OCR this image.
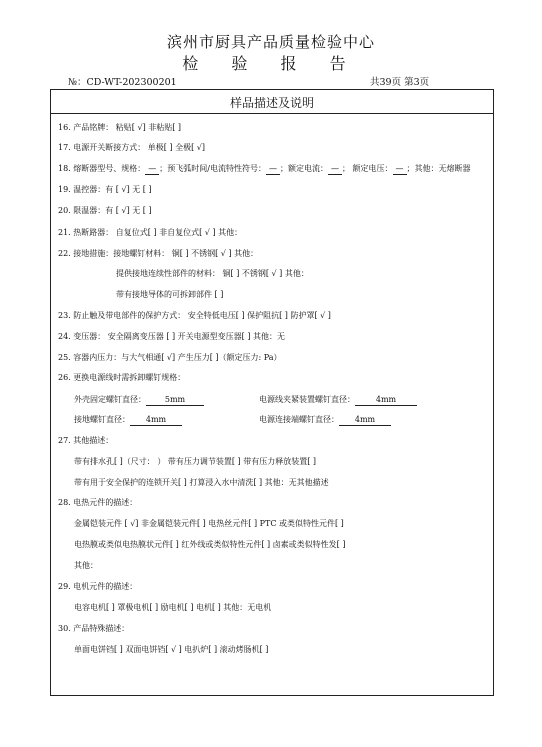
滨州市厨具产品质量检验中心
检 验 报 告
№：CD-WT-202300201	共39页 第3页
样品描述及说明
16. 产品铭牌： 粘贴[ √] 非粘贴[ ]
17. 电源开关断接方式： 单极[ ] 全极[ √]
18. 熔断器型号、规格： — ；预飞弧时间/电流特性符号： — ；额定电流： — ； 额定电压： — ；其他：无熔断器
19. 温控器：有 [ √] 无 [ ]
20. 限温器：有 [ √] 无 [ ]
21. 热断路器： 自复位式[ ] 非自复位式[ √ ] 其他：
22. 接地措施：接地螺钉材料： 铜[ ] 不锈钢[ √ ] 其他：
提供接地连续性部件的材料： 铜[ ] 不锈钢[ √ ] 其他：
带有接地导体的可拆卸部件 [ ]
23. 防止触及带电部件的保护方式： 安全特低电压[ ] 保护阻抗[ ] 防护罩[ √ ]
24. 变压器： 安全隔离变压器 [ ] 开关电源型变压器[ ] 其他：无
25. 容器内压力：与大气相通[ √] 产生压力[ ]（额定压力: Pa）
26. 更换电源线时需拆卸螺钉规格：
外壳固定螺钉直径： 5mm	电源线夹紧装置螺钉直径：	4mm
接地螺钉直径： 4mm	电源连接端螺钉直径： 4mm
27. 其他描述：
带有排水孔[ ]（尺寸： ） 带有压力调节装置[ ] 带有压力释放装置[ ]
带有用于安全保护的连锁开关[ ] 打算浸入水中清洗[ ] 其他：无其他描述
28. 电热元件的描述：
金属铠装元件 [ √] 非金属铠装元件[ ] 电热丝元件[ ] PTC 或类似特性元件[ ]
电热膜或类似电热膜状元件[ ] 红外线或类似特性元件[ ] 卤素或类似特性发[ ]
其他：
29. 电机元件的描述：
电容电机[ ] 罩极电机[ ] 励电机[ ] 电机[ ] 其他：无电机
30. 产品特殊描述：
单面电饼铛[ ] 双面电饼铛[ √ ] 电扒炉[ ] 滚动烤肠机[ ]
